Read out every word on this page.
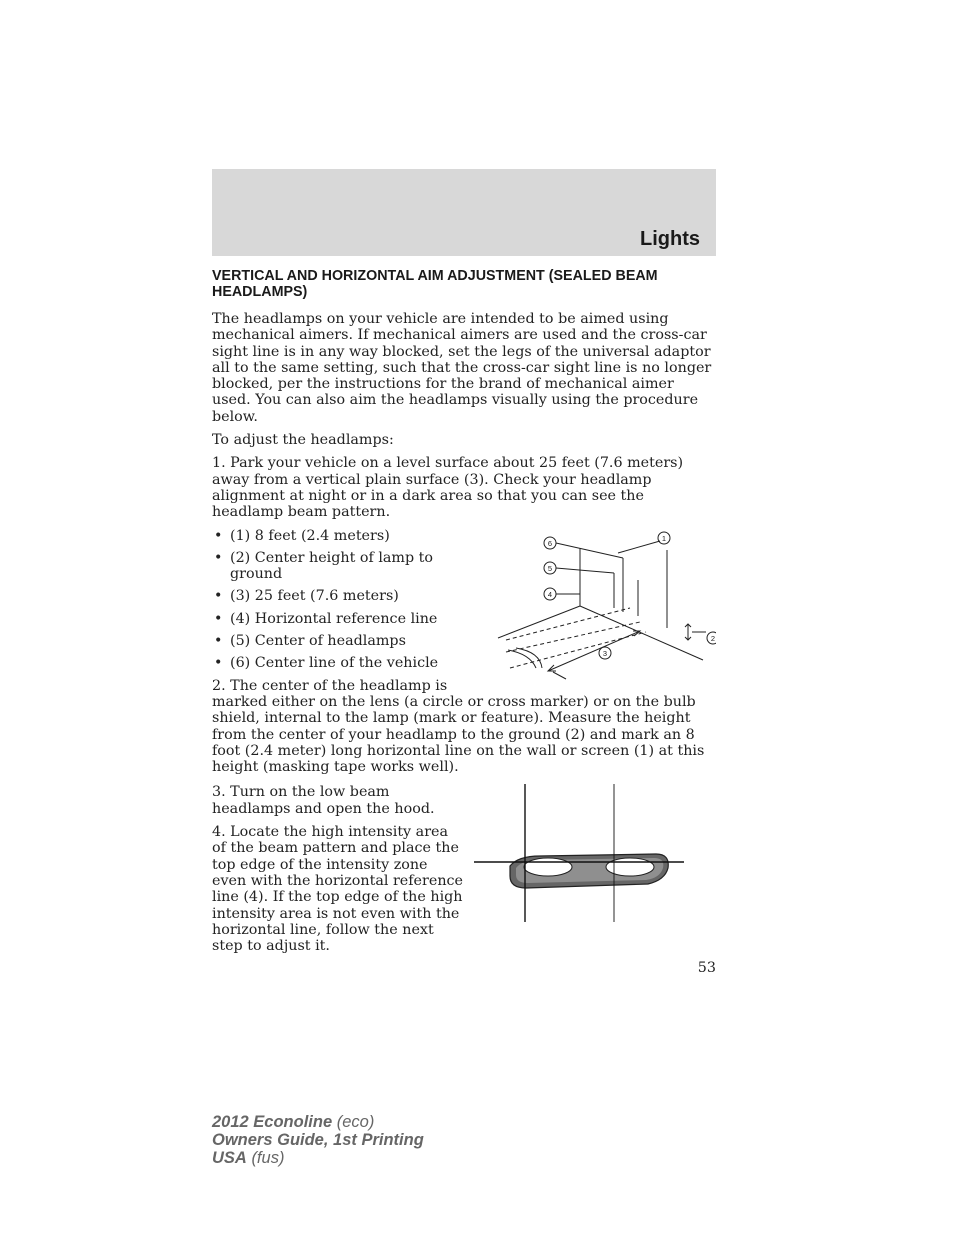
Lights
VERTICAL AND HORIZONTAL AIM ADJUSTMENT (SEALED BEAM HEADLAMPS)

The headlamps on your vehicle are intended to be aimed using mechanical aimers. If mechanical aimers are used and the cross-car sight line is in any way blocked, set the legs of the universal adaptor all to the same setting, such that the cross-car sight line is no longer blocked, per the instructions for the brand of mechanical aimer used. You can also aim the headlamps visually using the procedure below.

To adjust the headlamps:

1. Park your vehicle on a level surface about 25 feet (7.6 meters) away from a vertical plain surface (3). Check your headlamp alignment at night or in a dark area so that you can see the headlamp beam pattern.

6
5
4
1
2
3
• (1) 8 feet (2.4 meters)
• (2) Center height of lamp to ground
• (3) 25 feet (7.6 meters)
• (4) Horizontal reference line
• (5) Center of headlamps
• (6) Center line of the vehicle

2. The center of the headlamp is marked either on the lens (a circle or cross marker) or on the bulb shield, internal to the lamp (mark or feature). Measure the height from the center of your headlamp to the ground (2) and mark an 8 foot (2.4 meter) long horizontal line on the wall or screen (1) at this height (masking tape works well).

3. Turn on the low beam headlamps and open the hood.

4. Locate the high intensity area of the beam pattern and place the top edge of the intensity zone even with the horizontal reference line (4). If the top edge of the high intensity area is not even with the horizontal line, follow the next step to adjust it.

53
2012 Econoline (eco)
Owners Guide, 1st Printing
USA (fus)
